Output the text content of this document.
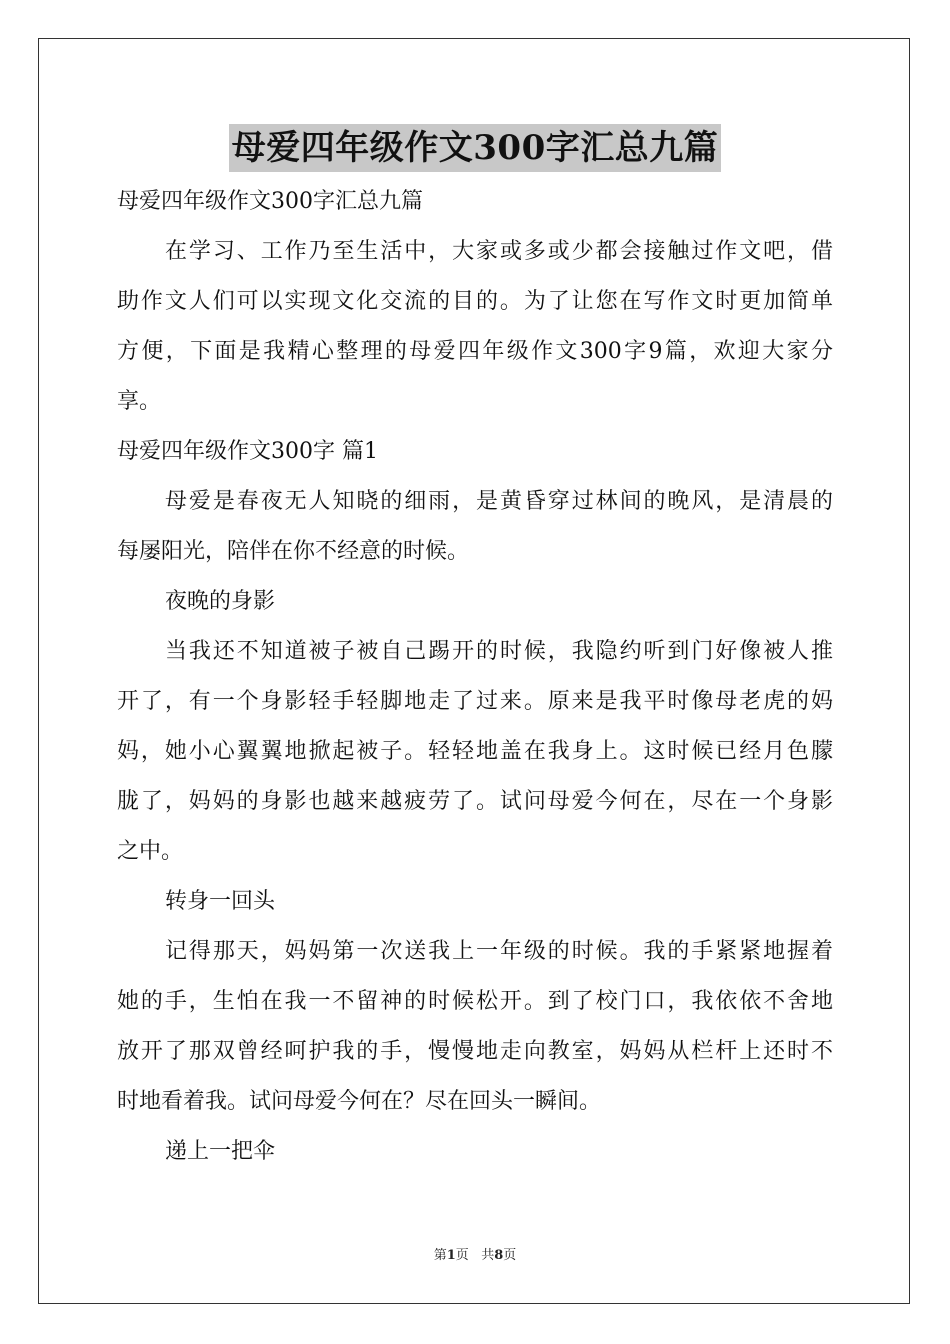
母爱四年级作文300字汇总九篇
母爱四年级作文300字汇总九篇
在学习、工作乃至生活中，大家或多或少都会接触过作文吧，借
助作文人们可以实现文化交流的目的。为了让您在写作文时更加简单
方便，下面是我精心整理的母爱四年级作文300字9篇，欢迎大家分
享。
母爱四年级作文300字 篇1
母爱是春夜无人知晓的细雨，是黄昏穿过林间的晚风，是清晨的
每屡阳光，陪伴在你不经意的时候。
夜晚的身影
当我还不知道被子被自己踢开的时候，我隐约听到门好像被人推
开了，有一个身影轻手轻脚地走了过来。原来是我平时像母老虎的妈
妈，她小心翼翼地掀起被子。轻轻地盖在我身上。这时候已经月色朦
胧了，妈妈的身影也越来越疲劳了。试问母爱今何在，尽在一个身影
之中。
转身一回头
记得那天，妈妈第一次送我上一年级的时候。我的手紧紧地握着
她的手，生怕在我一不留神的时候松开。到了校门口，我依依不舍地
放开了那双曾经呵护我的手，慢慢地走向教室，妈妈从栏杆上还时不
时地看着我。试问母爱今何在？尽在回头一瞬间。
递上一把伞
第1页 共8页
